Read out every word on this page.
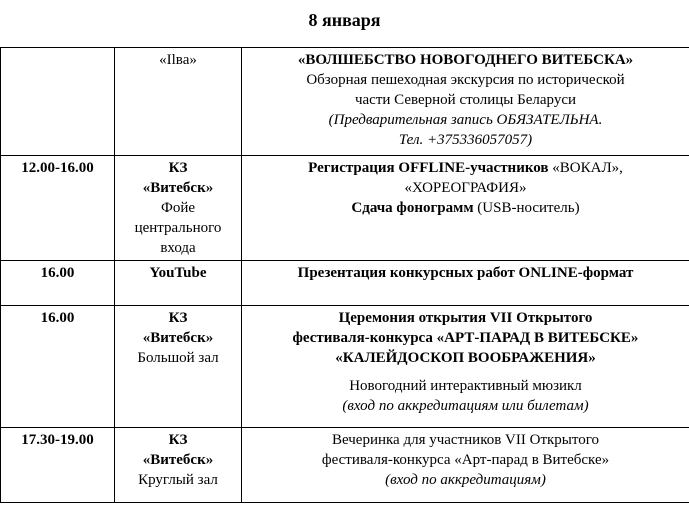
8 января

	«Ilва»	«ВОЛШЕБСТВО НОВОГОДНЕГО ВИТЕБСКА»
Обзорная пешеходная экскурсия по исторической
части Северной столицы Беларуси
(Предварительная запись ОБЯЗАТЕЛЬНА.
Тел. +375336057057)

12.00-16.00	КЗ
«Витебск»
Фойе
центрального
входа	Регистрация OFFLINE-участников «ВОКАЛ»,
«ХОРЕОГРАФИЯ»
Сдача фонограмм (USB-носитель)

16.00	YouTube	Презентация конкурсных работ ONLINE-формат

16.00	КЗ
«Витебск»
Большой зал	Церемония открытия VII Открытого
фестиваля-конкурса «АРТ-ПАРАД В ВИТЕБСКЕ»
«КАЛЕЙДОСКОП ВООБРАЖЕНИЯ»
Новогодний интерактивный мюзикл
(вход по аккредитациям или билетам)

17.30-19.00	КЗ
«Витебск»
Круглый зал	Вечеринка для участников VII Открытого
фестиваля-конкурса «Арт-парад в Витебске»
(вход по аккредитациям)
